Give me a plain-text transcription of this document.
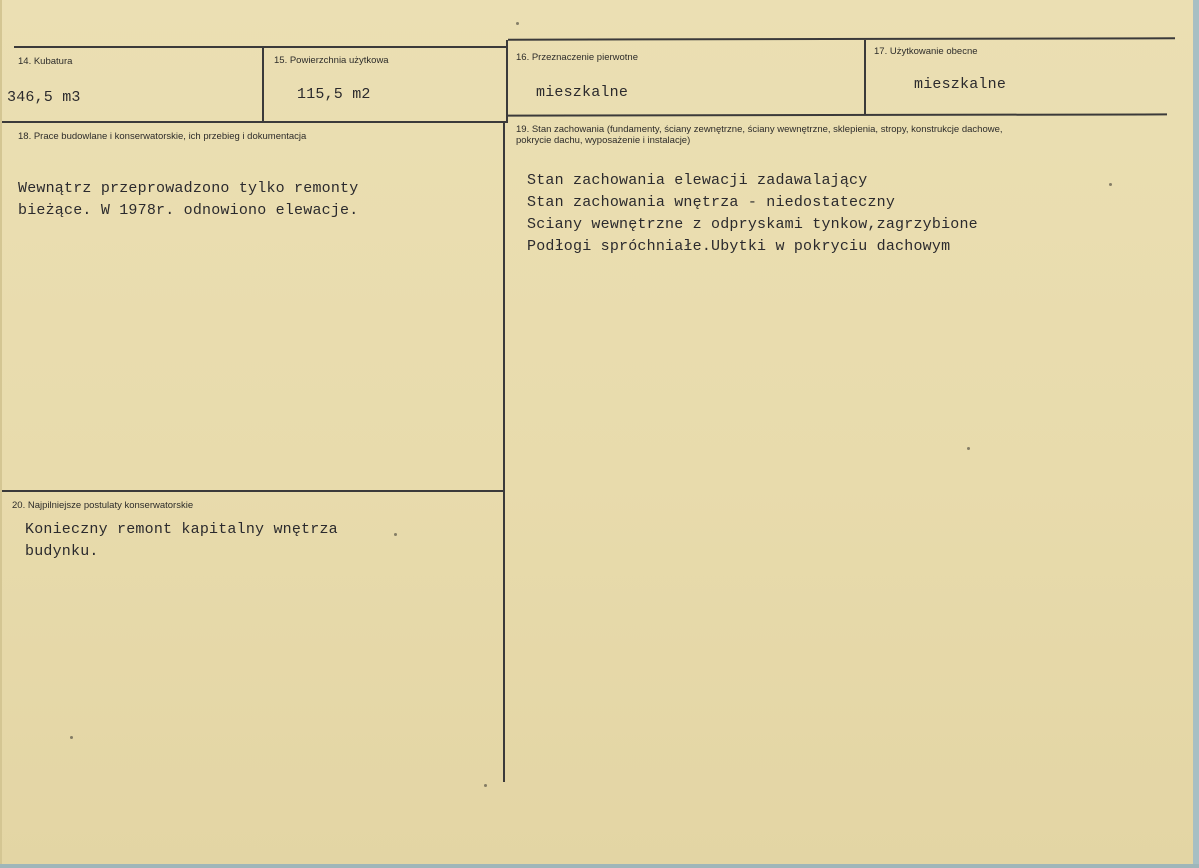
14. Kubatura
346,5 m3
15. Powierzchnia użytkowa
115,5 m2
16. Przeznaczenie pierwotne
mieszkalne
17. Użytkowanie obecne
mieszkalne
18. Prace budowlane i konserwatorskie, ich przebieg i dokumentacja
Wewnątrz przeprowadzono tylko remonty
bieżące. W 1978r. odnowiono elewacje.
19. Stan zachowania (fundamenty, ściany zewnętrzne, ściany wewnętrzne, sklepienia, stropy, konstrukcje dachowe, pokrycie dachu, wyposażenie i instalacje)
Stan zachowania elewacji zadawalający
Stan zachowania wnętrza - niedostateczny
Sciany wewnętrzne z odpryskami tynkow,zagrzybione
Podłogi spróchniałe.Ubytki w pokryciu dachowym
20. Najpilniejsze postulaty konserwatorskie
Konieczny remont kapitalny wnętrza
budynku.
